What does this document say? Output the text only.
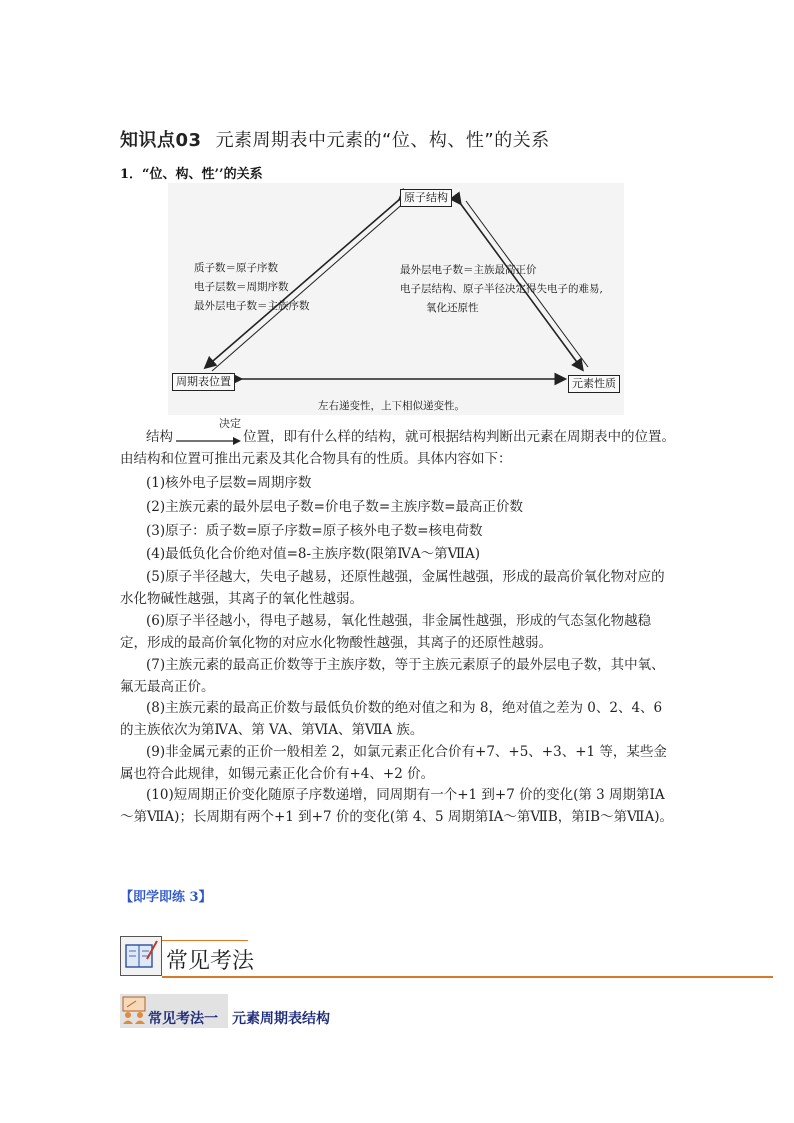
知识点03 元素周期表中元素的“位、构、性”的关系
1．“位、构、性’’的关系
原子结构
周期表位置	元素性质
质子数＝原子序数
电子层数＝周期序数
最外层电子数＝主族序数
最外层电子数＝主族最高正价
电子层结构、原子半径决定得失电子的难易,
氧化还原性
左右递变性，上下相似递变性。
结构
决定
位置，即有什么样的结构，就可根据结构判断出元素在周期表中的位置。由结构和位置可推出元素及其化合物具有的性质。具体内容如下：

(1)核外电子层数=周期序数

(2)主族元素的最外层电子数=价电子数=主族序数=最高正价数

(3)原子：质子数=原子序数=原子核外电子数=核电荷数

(4)最低负化合价绝对值=8-主族序数(限第ⅣA～第ⅦA)

(5)原子半径越大，失电子越易，还原性越强，金属性越强，形成的最高价氧化物对应的水化物碱性越强，其离子的氧化性越弱。

(6)原子半径越小，得电子越易，氧化性越强，非金属性越强，形成的气态氢化物越稳定，形成的最高价氧化物的对应水化物酸性越强，其离子的还原性越弱。

(7)主族元素的最高正价数等于主族序数，等于主族元素原子的最外层电子数，其中氧、氟无最高正价。

(8)主族元素的最高正价数与最低负价数的绝对值之和为 8，绝对值之差为 0、2、4、6 的主族依次为第ⅣA、第 VA、第ⅥA、第ⅦA 族。

(9)非金属元素的正价一般相差 2，如氯元素正化合价有+7、+5、+3、+1 等，某些金属也符合此规律，如锡元素正化合价有+4、+2 价。

(10)短周期正价变化随原子序数递增，同周期有一个+1 到+7 价的变化(第 3 周期第ⅠA～第ⅦA)；长周期有两个+1 到+7 价的变化(第 4、5 周期第ⅠA～第ⅦB，第ⅠB～第ⅦA)。

【即学即练 3】
常见考法
常见考法一　元素周期表结构
